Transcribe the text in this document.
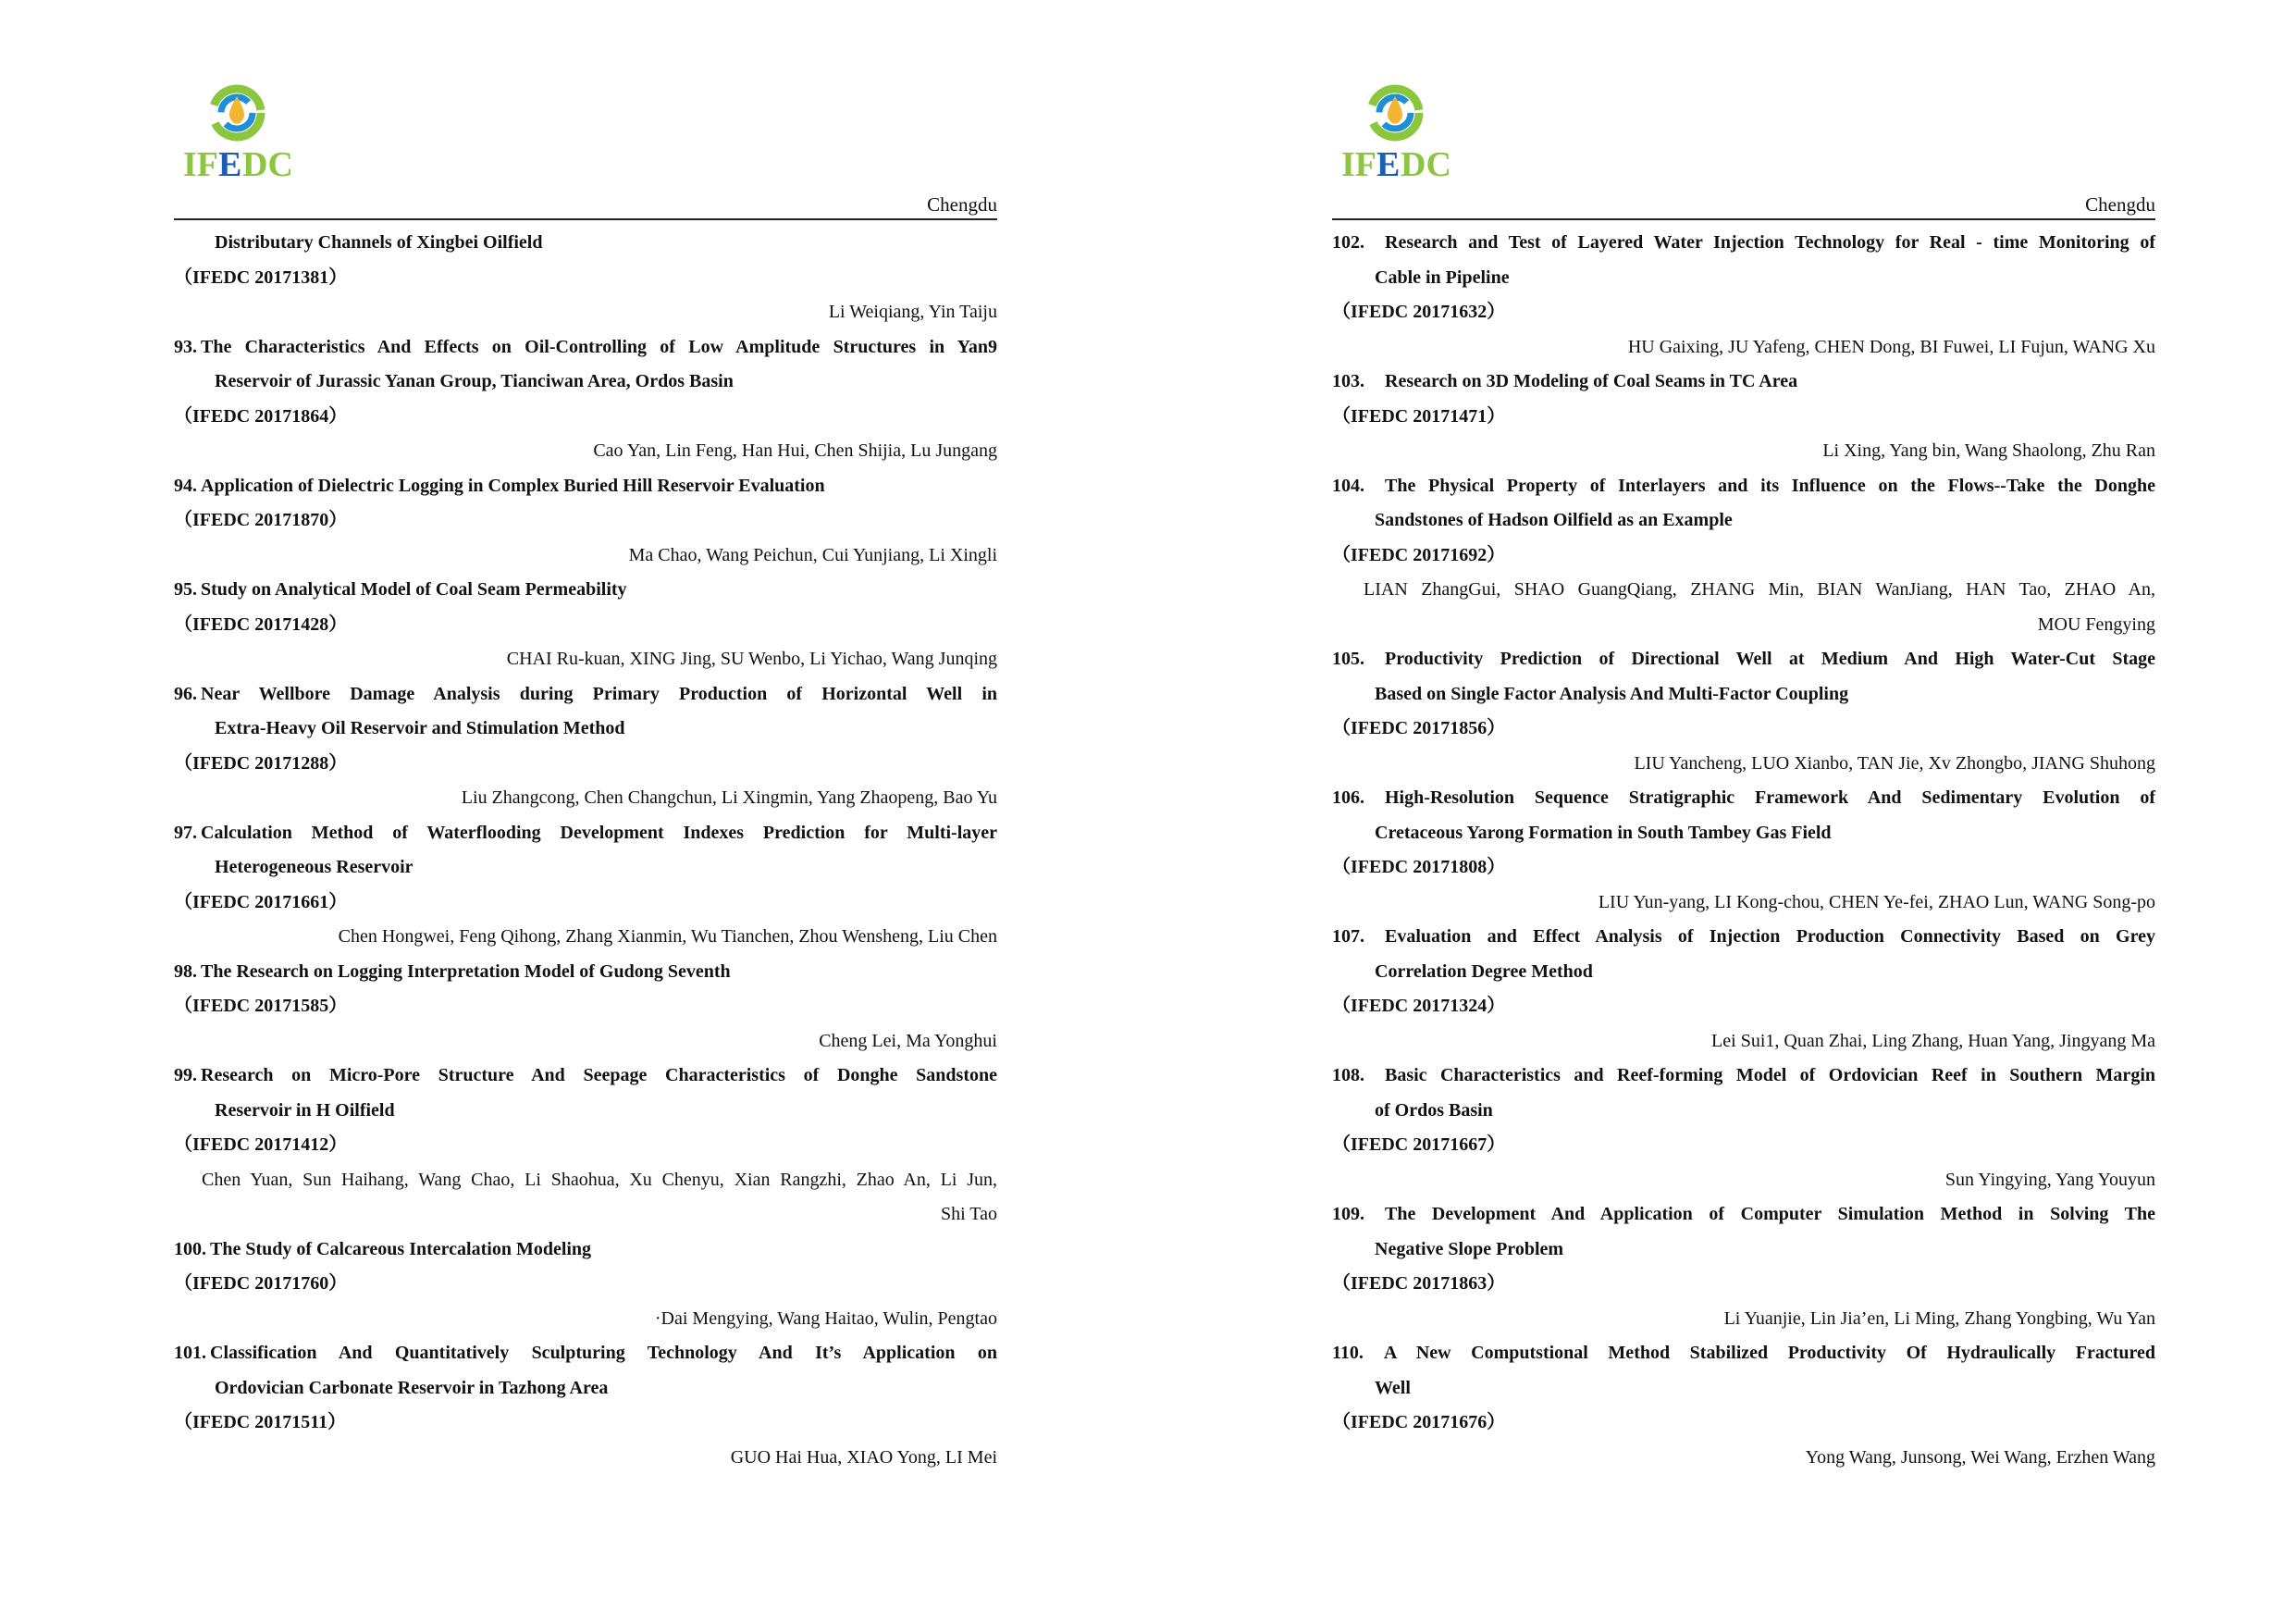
IF E DC
Chengdu
Distributary Channels of Xingbei Oilfield
（IFEDC 20171381）
Li Weiqiang, Yin Taiju
93. The Characteristics And Effects on Oil-Controlling of Low Amplitude Structures in Yan9
Reservoir of Jurassic Yanan Group, Tianciwan Area, Ordos Basin
（IFEDC 20171864）
Cao Yan, Lin Feng, Han Hui, Chen Shijia, Lu Jungang
94. Application of Dielectric Logging in Complex Buried Hill Reservoir Evaluation
（IFEDC 20171870）
Ma Chao, Wang Peichun, Cui Yunjiang, Li Xingli
95. Study on Analytical Model of Coal Seam Permeability
（IFEDC 20171428）
CHAI Ru-kuan, XING Jing, SU Wenbo, Li Yichao, Wang Junqing
96. Near Wellbore Damage Analysis during Primary Production of Horizontal Well in
Extra-Heavy Oil Reservoir and Stimulation Method
（IFEDC 20171288）
Liu Zhangcong, Chen Changchun, Li Xingmin, Yang Zhaopeng, Bao Yu
97. Calculation Method of Waterflooding Development Indexes Prediction for Multi-layer
Heterogeneous Reservoir
（IFEDC 20171661）
Chen Hongwei, Feng Qihong, Zhang Xianmin, Wu Tianchen, Zhou Wensheng, Liu Chen
98. The Research on Logging Interpretation Model of Gudong Seventh
（IFEDC 20171585）
Cheng Lei, Ma Yonghui
99. Research on Micro-Pore Structure And Seepage Characteristics of Donghe Sandstone
Reservoir in H Oilfield
（IFEDC 20171412）
Chen Yuan, Sun Haihang, Wang Chao, Li Shaohua, Xu Chenyu, Xian Rangzhi, Zhao An, Li Jun,
Shi Tao
100. The Study of Calcareous Intercalation Modeling
（IFEDC 20171760）
·Dai Mengying, Wang Haitao, Wulin, Pengtao
101. Classification And Quantitatively Sculpturing Technology And It’s Application on
Ordovician Carbonate Reservoir in Tazhong Area
（IFEDC 20171511）
GUO Hai Hua, XIAO Yong, LI Mei
IF E DC
Chengdu
102.	Research and Test of Layered Water Injection Technology for Real - time Monitoring of
Cable in Pipeline
（IFEDC 20171632）
HU Gaixing, JU Yafeng, CHEN Dong, BI Fuwei, LI Fujun, WANG Xu
103.	Research on 3D Modeling of Coal Seams in TC Area
（IFEDC 20171471）
Li Xing, Yang bin, Wang Shaolong, Zhu Ran
104.	The Physical Property of Interlayers and its Influence on the Flows--Take the Donghe
Sandstones of Hadson Oilfield as an Example
（IFEDC 20171692）
LIAN ZhangGui, SHAO GuangQiang, ZHANG Min, BIAN WanJiang, HAN Tao, ZHAO An,
MOU Fengying
105.	Productivity Prediction of Directional Well at Medium And High Water-Cut Stage
Based on Single Factor Analysis And Multi-Factor Coupling
（IFEDC 20171856）
LIU Yancheng, LUO Xianbo, TAN Jie, Xv Zhongbo, JIANG Shuhong
106.	High-Resolution Sequence Stratigraphic Framework And Sedimentary Evolution of
Cretaceous Yarong Formation in South Tambey Gas Field
（IFEDC 20171808）
LIU Yun-yang, LI Kong-chou, CHEN Ye-fei, ZHAO Lun, WANG Song-po
107.	Evaluation and Effect Analysis of Injection Production Connectivity Based on Grey
Correlation Degree Method
（IFEDC 20171324）
Lei Sui1, Quan Zhai, Ling Zhang, Huan Yang, Jingyang Ma
108.	Basic Characteristics and Reef-forming Model of Ordovician Reef in Southern Margin
of Ordos Basin
（IFEDC 20171667）
Sun Yingying, Yang Youyun
109.	The Development And Application of Computer Simulation Method in Solving The
Negative Slope Problem
（IFEDC 20171863）
Li Yuanjie, Lin Jia’en, Li Ming, Zhang Yongbing, Wu Yan
110.	A New Computstional Method Stabilized Productivity Of Hydraulically Fractured
Well
（IFEDC 20171676）
Yong Wang, Junsong, Wei Wang, Erzhen Wang
